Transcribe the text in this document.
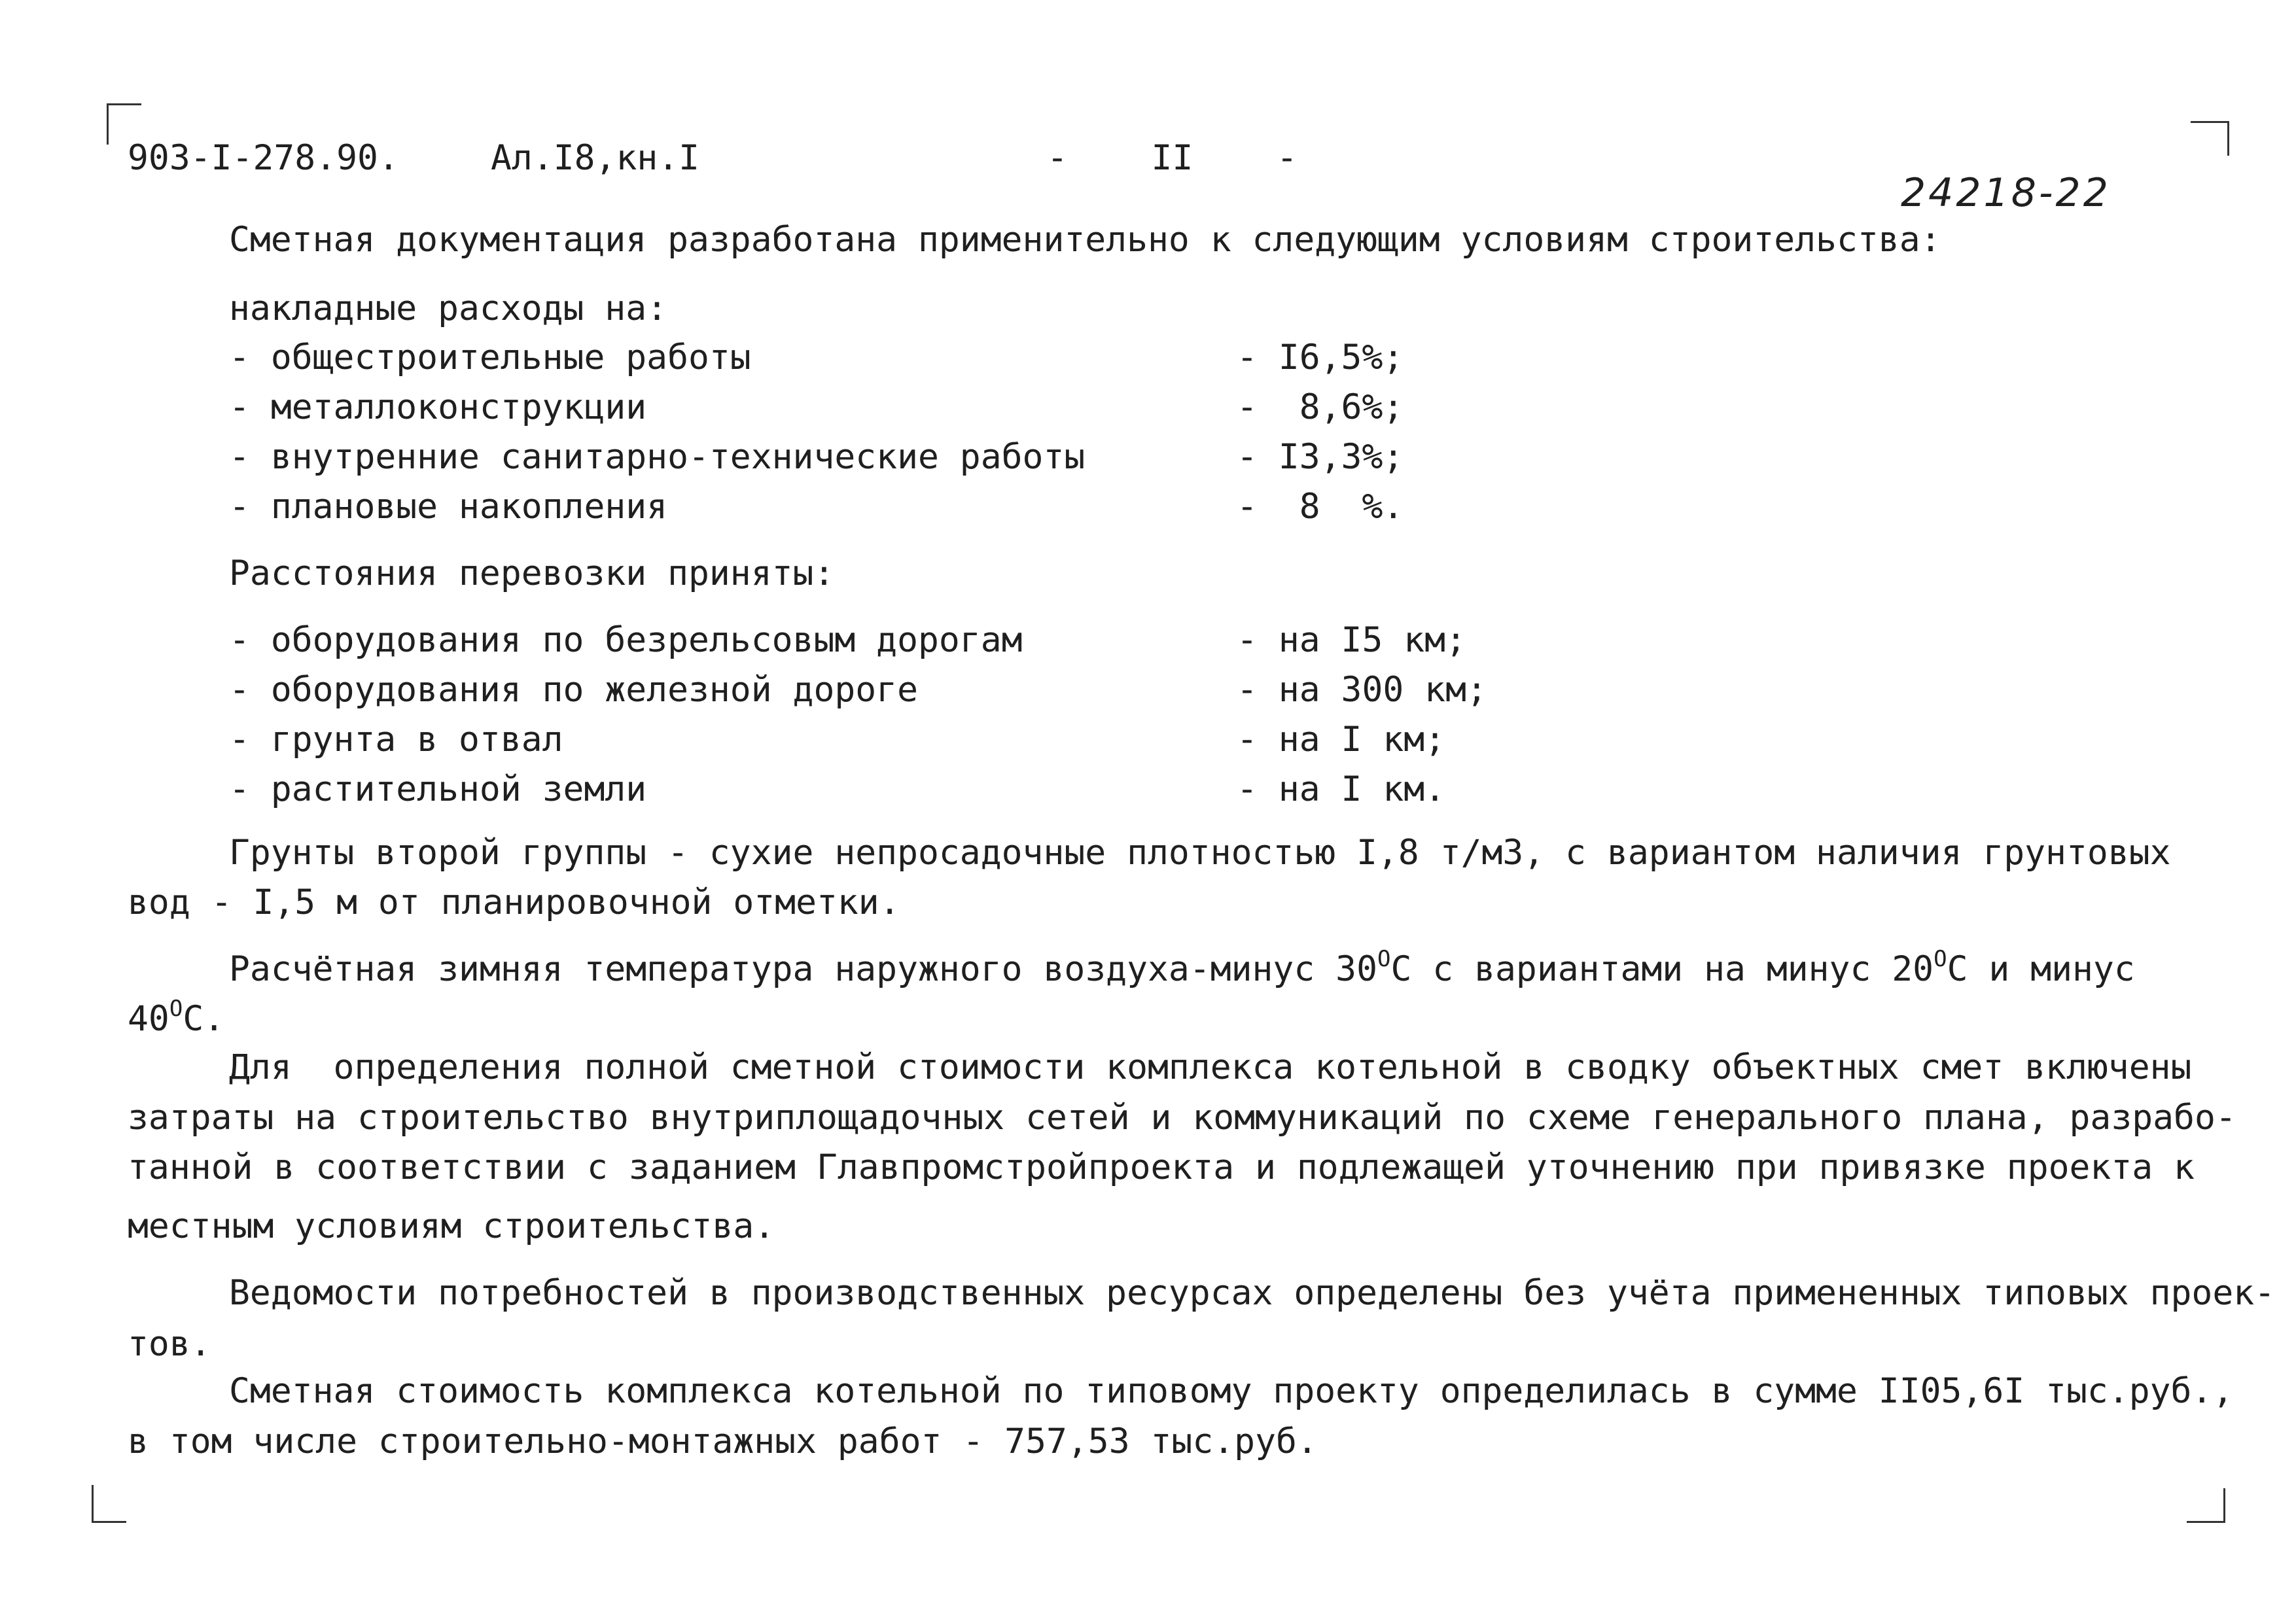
903-I-278.90.	Ал.I8,кн.I	-    II    -
24218-22
Сметная документация разработана применительно к следующим условиям строительства:
накладные расходы на:
- общестроительные работы	- I6,5%;
- металлоконструкции	-  8,6%;
- внутренние санитарно-технические работы	- I3,3%;
- плановые накопления	-  8  %.
Расстояния перевозки приняты:
- оборудования по безрельсовым дорогам	- на I5 км;
- оборудования по железной дороге	- на 300 км;
- грунта в отвал	- на I км;
- растительной земли	- на I км.
Грунты второй группы - сухие непросадочные плотностью I,8 т/м3, с вариантом наличия грунтовых
вод - I,5 м от планировочной отметки.
Расчётная зимняя температура наружного воздуха-минус $30^ОС$ с вариантами на минус $20^ОС$ и минус
$40^ОС$.
Для  определения полной сметной стоимости комплекса котельной в сводку объектных смет включены
затраты на строительство внутриплощадочных сетей и коммуникаций по схеме генерального плана, разрабо-
танной в соответствии с заданием Главпромстройпроекта и подлежащей уточнению при привязке проекта к
местным условиям строительства.
Ведомости потребностей в производственных ресурсах определены без учёта примененных типовых проек-
тов.
Сметная стоимость комплекса котельной по типовому проекту определилась в сумме II05,6I тыс.руб.,
в том числе строительно-монтажных работ - 757,53 тыс.руб.
